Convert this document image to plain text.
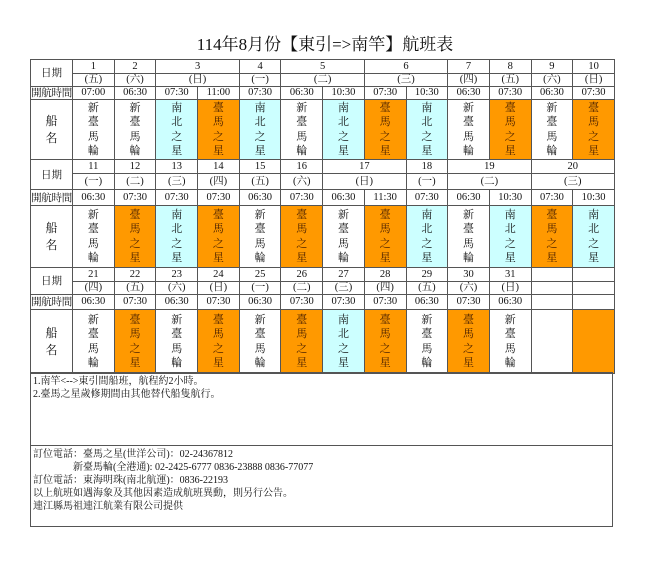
114年8月份【東引=>南竿】航班表
日期	1	2	3		4	5		6		7	8	9	10
	(五)	(六)	(日)		(一)	(二)		(三)		(四)	(五)	(六)	(日)
開航時間	07:00	06:30	07:30	11:00	07:30	06:30	10:30	07:30	10:30	06:30	07:30	06:30	07:30
船名	新臺馬輪	新臺馬輪	南北之星	臺馬之星	南北之星	新臺馬輪	南北之星	臺馬之星	南北之星	新臺馬輪	臺馬之星	新臺馬輪	臺馬之星
日期	11	12	13	14	15	16	17		18	19		20	
	(一)	(二)	(三)	(四)	(五)	(六)	(日)		(一)	(二)		(三)	
開航時間	06:30	07:30	07:30	07:30	06:30	07:30	06:30	11:30	07:30	06:30	10:30	07:30	10:30
船名	新臺馬輪	臺馬之星	南北之星	臺馬之星	新臺馬輪	臺馬之星	新臺馬輪	臺馬之星	南北之星	新臺馬輪	南北之星	臺馬之星	南北之星
日期	21	22	23	24	25	26	27	28	29	30	31		
	(四)	(五)	(六)	(日)	(一)	(二)	(三)	(四)	(五)	(六)	(日)		
開航時間	06:30	07:30	06:30	07:30	06:30	07:30	07:30	07:30	06:30	07:30	06:30		
船名	新臺馬輪	臺馬之星	新臺馬輪	臺馬之星	新臺馬輪	臺馬之星	南北之星	臺馬之星	新臺馬輪	臺馬之星	新臺馬輪		
1.南竿<-->東引間船班，航程約2小時。
2.臺馬之星歲修期間由其他替代船隻航行。
訂位電話：臺馬之星(世洋公司)：02-24367812
新臺馬輪(全港通): 02-2425-6777 0836-23888 0836-77077
訂位電話：東海明珠(南北航運)：0836-22193
以上航班如遇海象及其他因素造成航班異動，則另行公告。
連江縣馬祖連江航業有限公司提供
